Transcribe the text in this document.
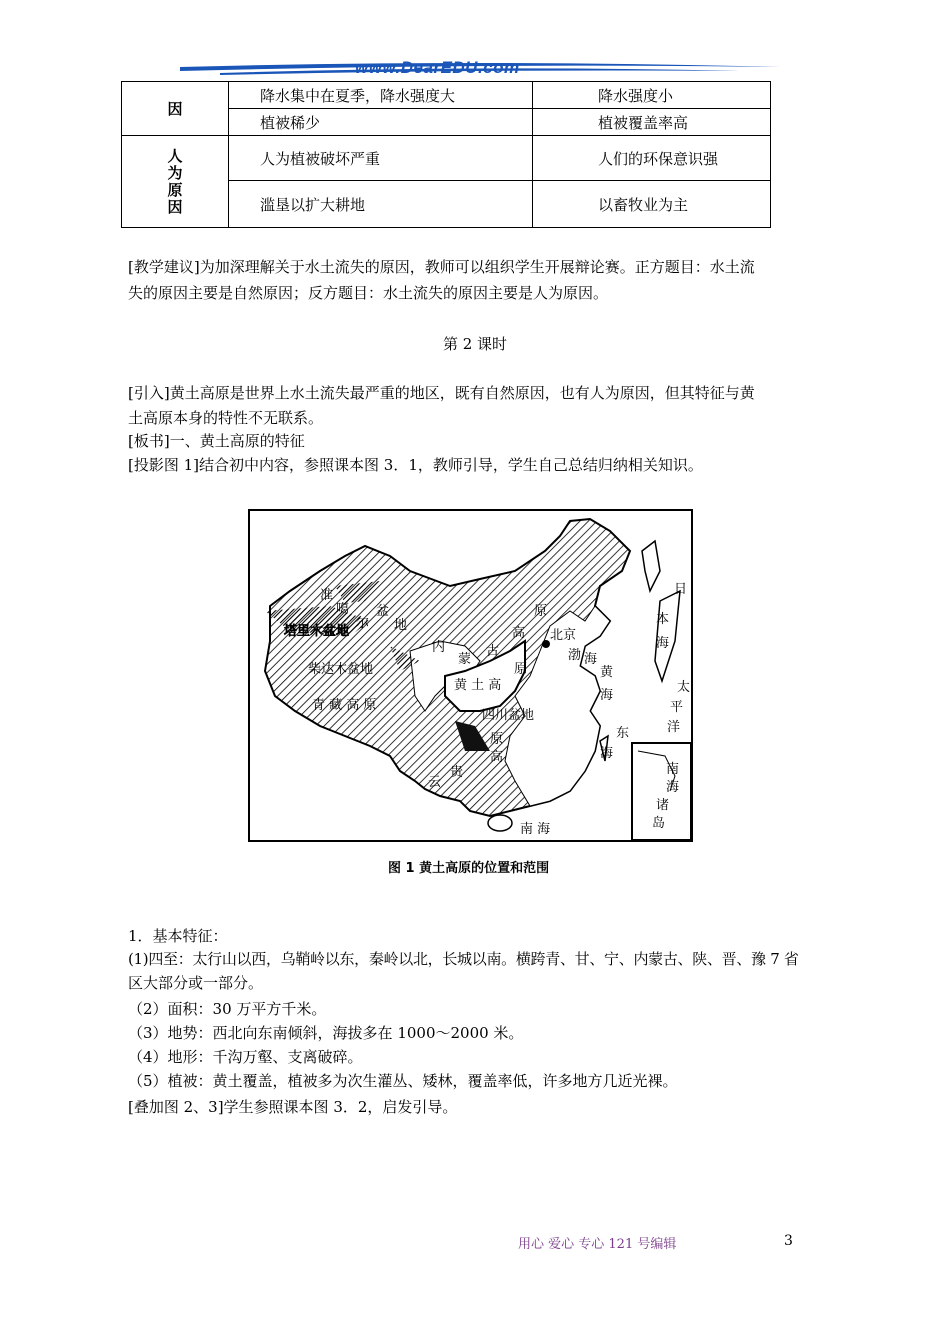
www.DearEDU.com
因	降水集中在夏季，降水强度大	降水强度小
	植被稀少	植被覆盖率高

人
为
原
因	人为植被破坏严重	人们的环保意识强
	滥垦以扩大耕地	以畜牧业为主
[教学建议]为加深理解关于水土流失的原因，教师可以组织学生开展辩论赛。正方题目：水土流
失的原因主要是自然原因；反方题目：水土流失的原因主要是人为原因。
第 2 课时
[引入]黄土高原是世界上水土流失最严重的地区，既有自然原因，也有人为原因，但其特征与黄
土高原本身的特性不无联系。
[板书]一、黄土高原的特征
[投影图 1]结合初中内容，参照课本图 3．1，教师引导，学生自己总结归纳相关知识。
准
噶
尔
盆
地
塔里木盆地
柴达木盆地
青 藏 高 原
内
蒙
古
高
原
黄 土 高
原
北京
渤 海
黄
海
四川盆地
云
贵
高
原	东
海
南 海
日
本
海
太
平
洋
南
海
诸
岛
图 1 黄土高原的位置和范围
1．基本特征：
(1)四至：太行山以西，乌鞘岭以东，秦岭以北，长城以南。横跨青、甘、宁、内蒙古、陕、晋、豫 7 省
区大部分或一部分。
（2）面积：30 万平方千米。
（3）地势：西北向东南倾斜，海拔多在 1000～2000 米。
（4）地形：千沟万壑、支离破碎。
（5）植被：黄土覆盖，植被多为次生灌丛、矮林，覆盖率低，许多地方几近光裸。
[叠加图 2、3]学生参照课本图 3．2，启发引导。
用心 爱心 专心 121 号编辑	3
